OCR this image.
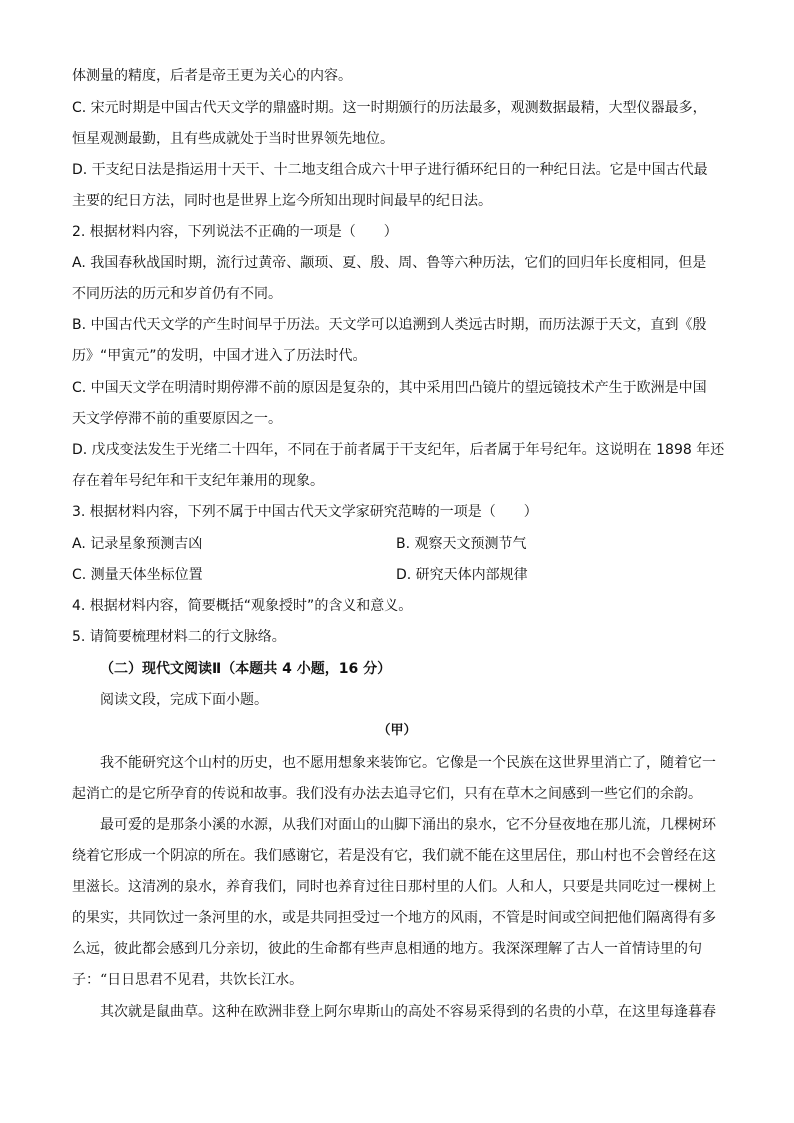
体测量的精度，后者是帝王更为关心的内容。
C. 宋元时期是中国古代天文学的鼎盛时期。这一时期颁行的历法最多，观测数据最精，大型仪器最多，
恒星观测最勤，且有些成就处于当时世界领先地位。
D. 干支纪日法是指运用十天干、十二地支组合成六十甲子进行循环纪日的一种纪日法。它是中国古代最
主要的纪日方法，同时也是世界上迄今所知出现时间最早的纪日法。
2. 根据材料内容，下列说法不正确的一项是（　　）
A. 我国春秋战国时期，流行过黄帝、颛顼、夏、殷、周、鲁等六种历法，它们的回归年长度相同，但是
不同历法的历元和岁首仍有不同。
B. 中国古代天文学的产生时间早于历法。天文学可以追溯到人类远古时期，而历法源于天文，直到《殷
历》“甲寅元”的发明，中国才进入了历法时代。
C. 中国天文学在明清时期停滞不前的原因是复杂的，其中采用凹凸镜片的望远镜技术产生于欧洲是中国
天文学停滞不前的重要原因之一。
D. 戊戌变法发生于光绪二十四年，不同在于前者属于干支纪年，后者属于年号纪年。这说明在 1898 年还
存在着年号纪年和干支纪年兼用的现象。
3. 根据材料内容，下列不属于中国古代天文学家研究范畴的一项是（　　）
A. 记录星象预测吉凶	B. 观察天文预测节气
C. 测量天体坐标位置	D. 研究天体内部规律
4. 根据材料内容，简要概括“观象授时”的含义和意义。
5. 请简要梳理材料二的行文脉络。
（二）现代文阅读Ⅱ（本题共 4 小题，16 分）
阅读文段，完成下面小题。
（甲）
我不能研究这个山村的历史，也不愿用想象来装饰它。它像是一个民族在这世界里消亡了，随着它一
起消亡的是它所孕育的传说和故事。我们没有办法去追寻它们，只有在草木之间感到一些它们的余韵。
最可爱的是那条小溪的水源，从我们对面山的山脚下涌出的泉水，它不分昼夜地在那儿流，几棵树环
绕着它形成一个阴凉的所在。我们感谢它，若是没有它，我们就不能在这里居住，那山村也不会曾经在这
里滋长。这清冽的泉水，养育我们，同时也养育过往日那村里的人们。人和人，只要是共同吃过一棵树上
的果实，共同饮过一条河里的水，或是共同担受过一个地方的风雨，不管是时间或空间把他们隔离得有多
么远，彼此都会感到几分亲切，彼此的生命都有些声息相通的地方。我深深理解了古人一首情诗里的句
子：“日日思君不见君，共饮长江水。
其次就是鼠曲草。这种在欧洲非登上阿尔卑斯山的高处不容易采得到的名贵的小草，在这里每逢暮春
